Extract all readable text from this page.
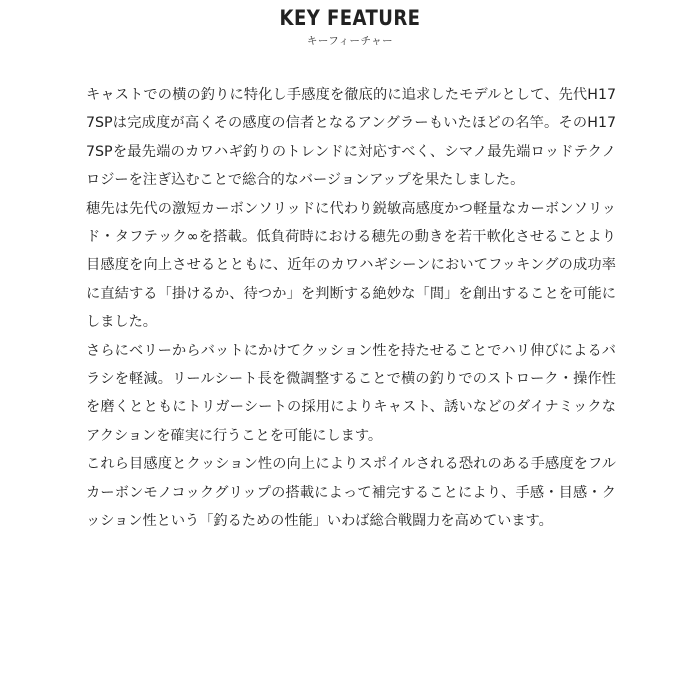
KEY FEATURE
キーフィーチャー

キャストでの横の釣りに特化し手感度を徹底的に追求したモデルとして、先代H177SPは完成度が高くその感度の信者となるアングラーもいたほどの名竿。そのH177SPを最先端のカワハギ釣りのトレンドに対応すべく、シマノ最先端ロッドテクノロジーを注ぎ込むことで総合的なバージョンアップを果たしました。

穂先は先代の激短カーボンソリッドに代わり鋭敏高感度かつ軽量なカーボンソリッド・タフテック∞を搭載。低負荷時における穂先の動きを若干軟化させることより目感度を向上させるとともに、近年のカワハギシーンにおいてフッキングの成功率に直結する「掛けるか、待つか」を判断する絶妙な「間」を創出することを可能にしました。

さらにベリーからバットにかけてクッション性を持たせることでハリ伸びによるバラシを軽減。リールシート長を微調整することで横の釣りでのストローク・操作性を磨くとともにトリガーシートの採用によりキャスト、誘いなどのダイナミックなアクションを確実に行うことを可能にします。

これら目感度とクッション性の向上によりスポイルされる恐れのある手感度をフルカーボンモノコックグリップの搭載によって補完することにより、手感・目感・クッション性という「釣るための性能」いわば総合戦闘力を高めています。
